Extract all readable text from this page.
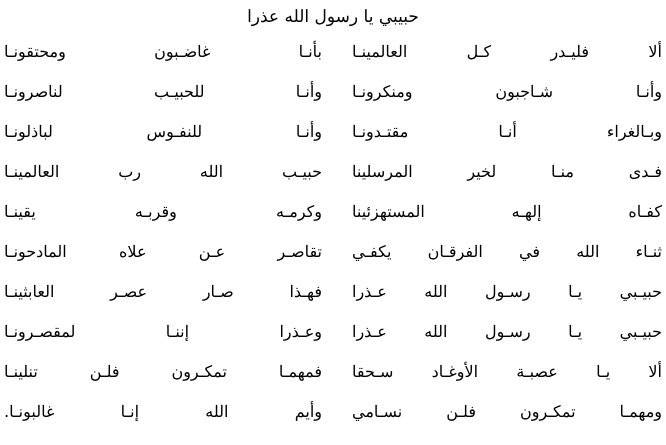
حبيبي يا رسول الله عذرا
ألا فليـدر كـل العالمينـا
بأنـا غاضـبون ومحتقونـا
وأنـا شـاجبون ومنكرونـا
وأنـا للحبيـب لناصرونـا
وبـالغراء أنـا مقتـدونـا
وأنـا للنفـوس لباذلونـا
فـدى منـا لخير المرسلينا
حبيـب الله رب العالمينـا
كفـاه إلهـه المستهزئينا
وكرمـه وقربـه يقينـا
ثنـاء الله في الفرقـان يكفـي
تقاصـر عـن علاه المادحونـا
حبيـبي يـا رسـول الله عـذرا
فهـذا صـار عصـر العابثينـا
حبيـبي يـا رسـول الله عـذرا
وعـذرا إننـا لمقصـرونـا
ألا يـا عصبـة الأوغـاد سـحقا
فمهمـا تمكـرون فلـن تنلينـا
ومهمـا تمكـرون فلـن نسـامي
وأيم الله إنـا غالبونـا.
